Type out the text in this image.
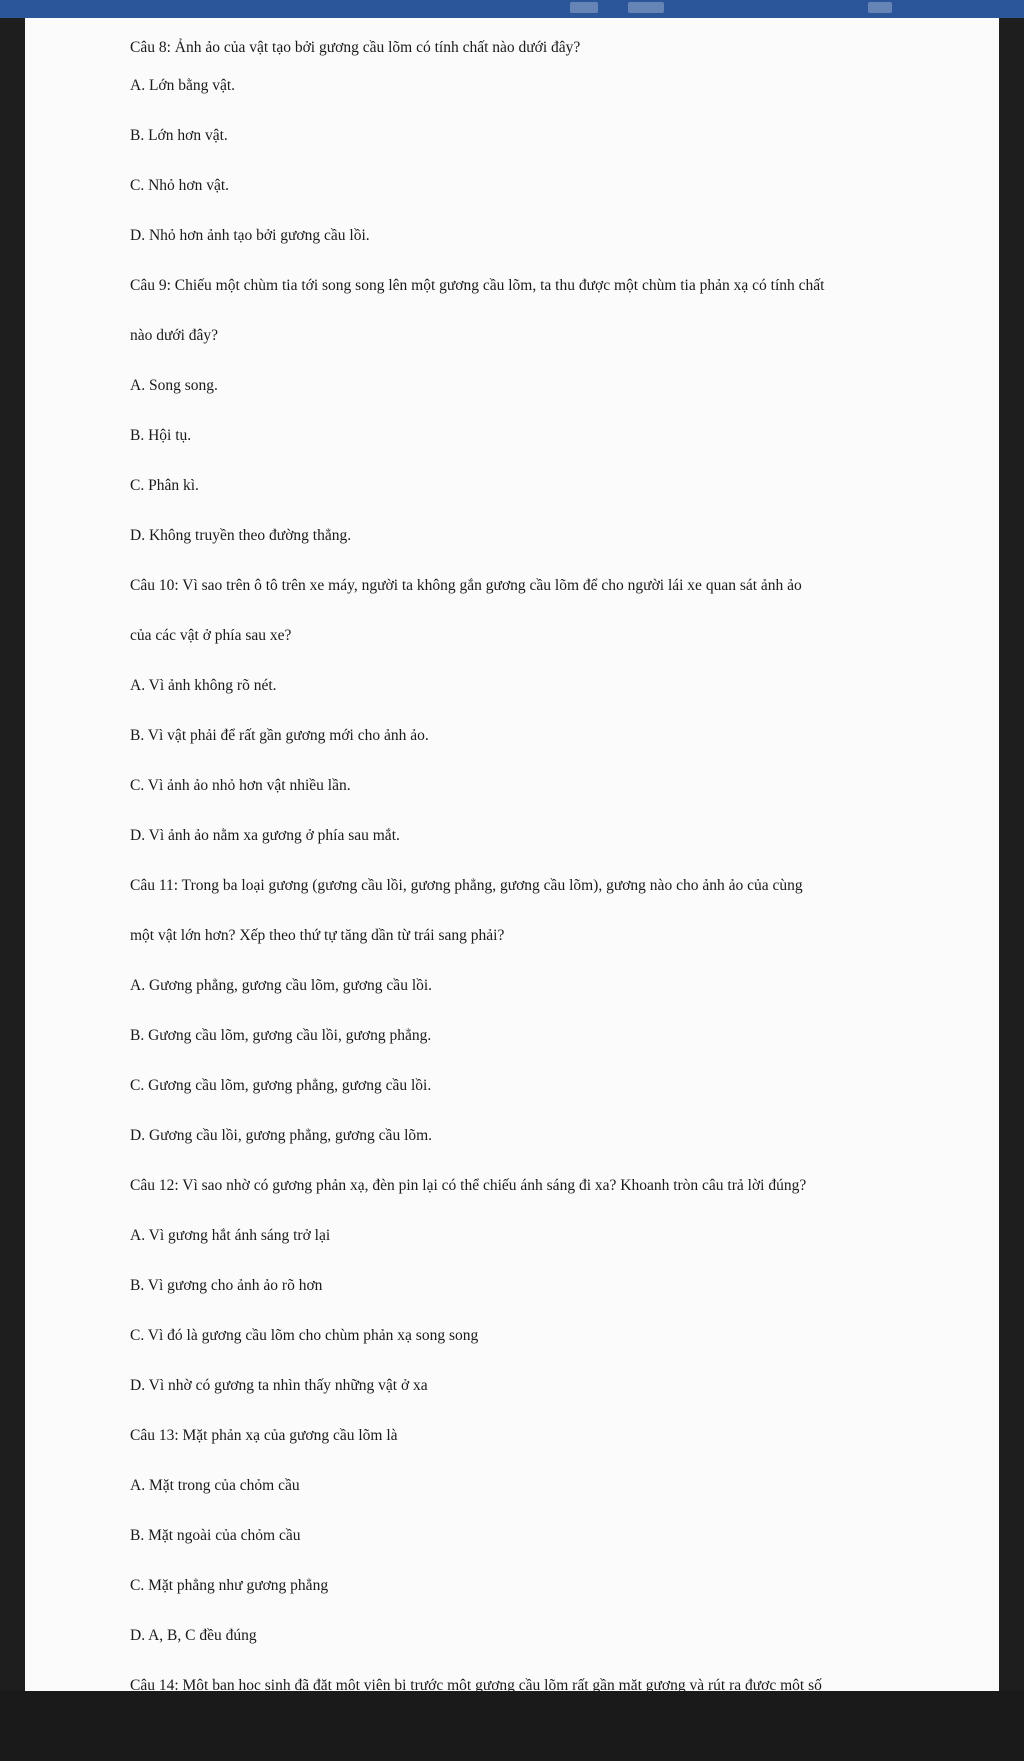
Câu 8: Ảnh ảo của vật tạo bởi gương cầu lõm có tính chất nào dưới đây?
A. Lớn bằng vật.
B. Lớn hơn vật.
C. Nhỏ hơn vật.
D. Nhỏ hơn ảnh tạo bởi gương cầu lồi.
Câu 9: Chiếu một chùm tia tới song song lên một gương cầu lõm, ta thu được một chùm tia phản xạ có tính chất
nào dưới đây?
A. Song song.
B. Hội tụ.
C. Phân kì.
D. Không truyền theo đường thẳng.
Câu 10: Vì sao trên ô tô trên xe máy, người ta không gắn gương cầu lõm để cho người lái xe quan sát ảnh ảo
của các vật ở phía sau xe?
A. Vì ảnh không rõ nét.
B. Vì vật phải để rất gần gương mới cho ảnh ảo.
C. Vì ảnh ảo nhỏ hơn vật nhiều lần.
D. Vì ảnh ảo nằm xa gương ở phía sau mắt.
Câu 11: Trong ba loại gương (gương cầu lồi, gương phẳng, gương cầu lõm), gương nào cho ảnh ảo của cùng
một vật lớn hơn? Xếp theo thứ tự tăng dần từ trái sang phải?
A. Gương phẳng, gương cầu lõm, gương cầu lồi.
B. Gương cầu lõm, gương cầu lồi, gương phẳng.
C. Gương cầu lõm, gương phẳng, gương cầu lồi.
D. Gương cầu lồi, gương phẳng, gương cầu lõm.
Câu 12: Vì sao nhờ có gương phản xạ, đèn pin lại có thể chiếu ánh sáng đi xa? Khoanh tròn câu trả lời đúng?
A. Vì gương hắt ánh sáng trở lại
B. Vì gương cho ảnh ảo rõ hơn
C. Vì đó là gương cầu lõm cho chùm phản xạ song song
D. Vì nhờ có gương ta nhìn thấy những vật ở xa
Câu 13: Mặt phản xạ của gương cầu lõm là
A. Mặt trong của chỏm cầu
B. Mặt ngoài của chỏm cầu
C. Mặt phẳng như gương phẳng
D. A, B, C đều đúng
Câu 14: Một bạn học sinh đã đặt một viên bi trước một gương cầu lõm rất gần mặt gương và rút ra được một số
kết luận. Theo em kết luận nào sau đây không đúng?
